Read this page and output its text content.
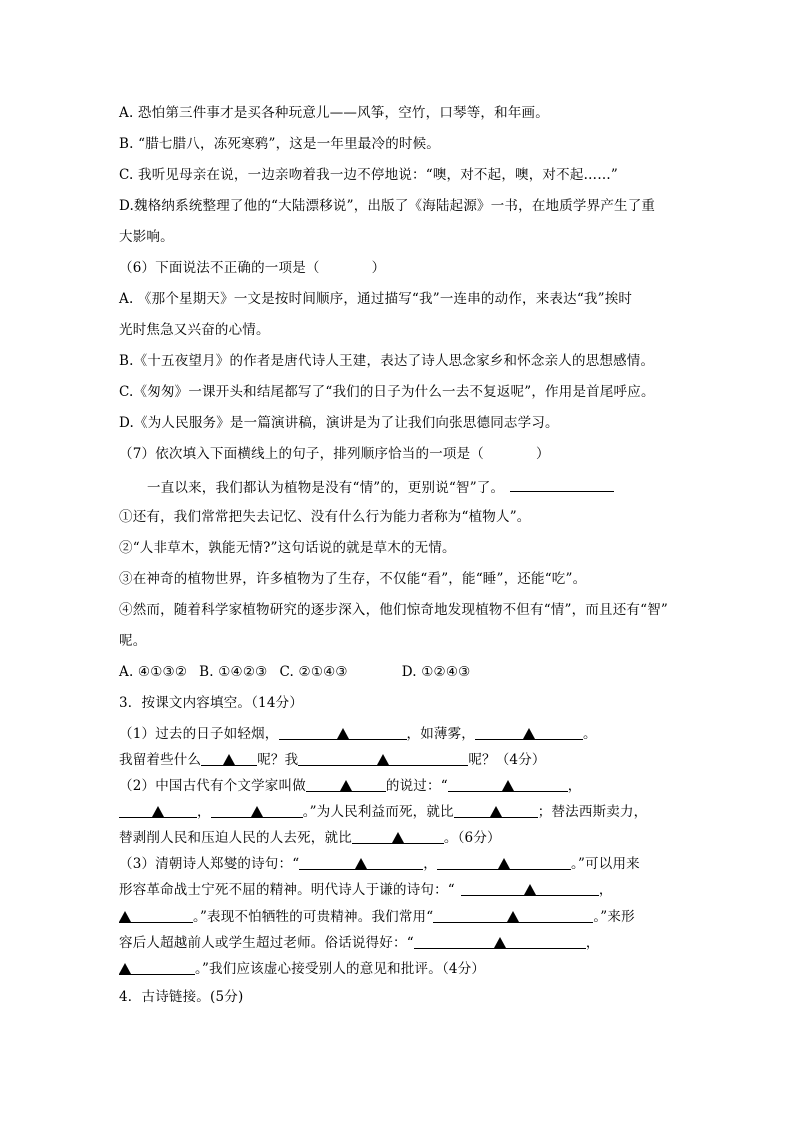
A. 恐怕第三件事才是买各种玩意儿——风筝，空竹，口琴等，和年画。
B. “腊七腊八，冻死寒鸦”，这是一年里最冷的时候。
C. 我听见母亲在说，一边亲吻着我一边不停地说：“噢，对不起，噢，对不起……”
D.魏格纳系统整理了他的“大陆漂移说”，出版了《海陆起源》一书，在地质学界产生了重
大影响。
（6）下面说法不正确的一项是（	）
A. 《那个星期天》一文是按时间顺序，通过描写“我”一连串的动作，来表达“我”挨时
光时焦急又兴奋的心情。
B.《十五夜望月》的作者是唐代诗人王建，表达了诗人思念家乡和怀念亲人的思想感情。
C.《匆匆》一课开头和结尾都写了“我们的日子为什么一去不复返呢”，作用是首尾呼应。
D.《为人民服务》是一篇演讲稿，演讲是为了让我们向张思德同志学习。
（7）依次填入下面横线上的句子，排列顺序恰当的一项是（	）
一直以来，我们都认为植物是没有“情”的，更别说“智”了。
①还有，我们常常把失去记忆、没有什么行为能力者称为“植物人”。
②“人非草木，孰能无情?”这句话说的就是草木的无情。
③在神奇的植物世界，许多植物为了生存，不仅能“看”，能“睡”，还能“吃”。
④然而，随着科学家植物研究的逐步深入，他们惊奇地发现植物不但有“情”，而且还有“智”
呢。
A. ④①③② B. ①④②③ C. ②①④③	D. ①②④③
3．按课文内容填空。（14分）
（1）过去的日子如轻烟，	，如薄雾，	。
我留着些什么	呢？我	呢？（4分）
（2）中国古代有个文学家叫做	的说过：“	，
，	。”为人民利益而死，就比	；替法西斯卖力，
替剥削人民和压迫人民的人去死，就比	。（6分）
（3）清朝诗人郑燮的诗句：“	，	。”可以用来
形容革命战士宁死不屈的精神。明代诗人于谦的诗句：“	，
。”表现不怕牺牲的可贵精神。我们常用“	。”来形
容后人超越前人或学生超过老师。俗话说得好：“	，
。”我们应该虚心接受别人的意见和批评。（4分）
4．古诗链接。(5分)
